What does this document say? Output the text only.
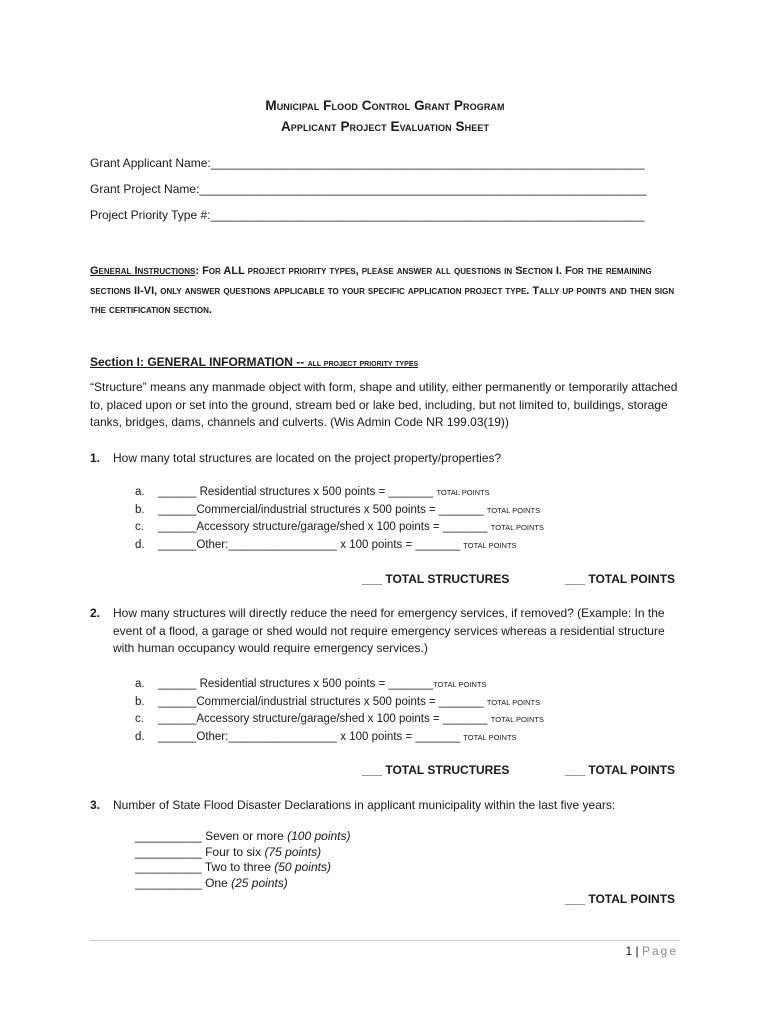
Municipal Flood Control Grant Program
Applicant Project Evaluation Sheet
Grant Applicant Name:_________________________________________________________________
Grant Project Name:___________________________________________________________________
Project Priority Type #:_________________________________________________________________
General Instructions: For ALL project priority types, please answer all questions in Section I. For the remaining sections II-VI, only answer questions applicable to your specific application project type. Tally up points and then sign the certification section.
Section I: GENERAL INFORMATION -- all project priority types
“Structure” means any manmade object with form, shape and utility, either permanently or temporarily attached to, placed upon or set into the ground, stream bed or lake bed, including, but not limited to, buildings, storage tanks, bridges, dams, channels and culverts. (Wis Admin Code NR 199.03(19))
1. How many total structures are located on the project property/properties?
a. ______ Residential structures x 500 points = _______ TOTAL POINTS
b. ______Commercial/industrial structures x 500 points = _______ TOTAL POINTS
c. ______Accessory structure/garage/shed x 100 points = _______ TOTAL POINTS
d. ______Other:_________________ x 100 points = _______ TOTAL POINTS
___ TOTAL STRUCTURES	___ TOTAL POINTS
2. How many structures will directly reduce the need for emergency services, if removed? (Example: In the event of a flood, a garage or shed would not require emergency services whereas a residential structure with human occupancy would require emergency services.)
a. ______ Residential structures x 500 points = _______TOTAL POINTS
b. ______Commercial/industrial structures x 500 points = _______ TOTAL POINTS
c. ______Accessory structure/garage/shed x 100 points = _______ TOTAL POINTS
d. ______Other:_________________ x 100 points = _______ TOTAL POINTS
___ TOTAL STRUCTURES	___ TOTAL POINTS
3. Number of State Flood Disaster Declarations in applicant municipality within the last five years:
__________ Seven or more (100 points)
__________ Four to six (75 points)
__________ Two to three (50 points)
__________ One (25 points)
___ TOTAL POINTS
1 | Page
